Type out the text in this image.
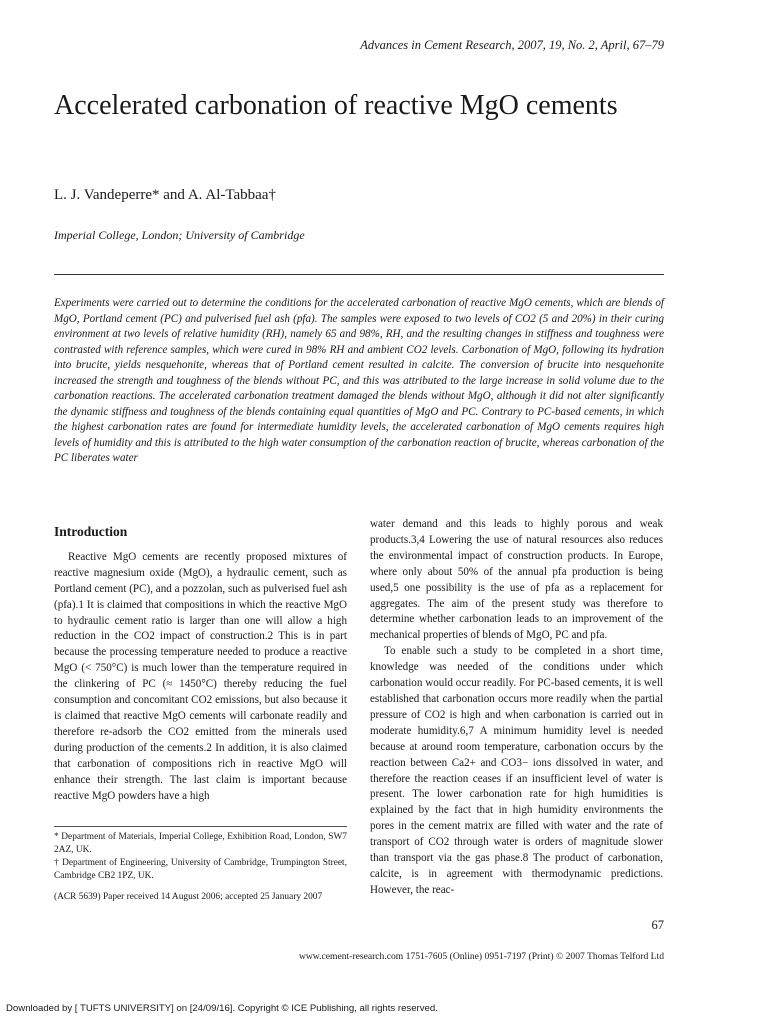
Advances in Cement Research, 2007, 19, No. 2, April, 67–79
Accelerated carbonation of reactive MgO cements
L. J. Vandeperre* and A. Al-Tabbaa†
Imperial College, London; University of Cambridge

Experiments were carried out to determine the conditions for the accelerated carbonation of reactive MgO cements, which are blends of MgO, Portland cement (PC) and pulverised fuel ash (pfa). The samples were exposed to two levels of CO2 (5 and 20%) in their curing environment at two levels of relative humidity (RH), namely 65 and 98%, RH, and the resulting changes in stiffness and toughness were contrasted with reference samples, which were cured in 98% RH and ambient CO2 levels. Carbonation of MgO, following its hydration into brucite, yields nesquehonite, whereas that of Portland cement resulted in calcite. The conversion of brucite into nesquehonite increased the strength and toughness of the blends without PC, and this was attributed to the large increase in solid volume due to the carbonation reactions. The accelerated carbonation treatment damaged the blends without MgO, although it did not alter significantly the dynamic stiffness and toughness of the blends containing equal quantities of MgO and PC. Contrary to PC-based cements, in which the highest carbonation rates are found for intermediate humidity levels, the accelerated carbonation of MgO cements requires high levels of humidity and this is attributed to the high water consumption of the carbonation reaction of brucite, whereas carbonation of the PC liberates water

Introduction

Reactive MgO cements are recently proposed mixtures of reactive magnesium oxide (MgO), a hydraulic cement, such as Portland cement (PC), and a pozzolan, such as pulverised fuel ash (pfa).1 It is claimed that compositions in which the reactive MgO to hydraulic cement ratio is larger than one will allow a high reduction in the CO2 impact of construction.2 This is in part because the processing temperature needed to produce a reactive MgO (< 750°C) is much lower than the temperature required in the clinkering of PC (≈ 1450°C) thereby reducing the fuel consumption and concomitant CO2 emissions, but also because it is claimed that reactive MgO cements will carbonate readily and therefore re-adsorb the CO2 emitted from the minerals used during production of the cements.2 In addition, it is also claimed that carbonation of compositions rich in reactive MgO will enhance their strength. The last claim is important because reactive MgO powders have a high

water demand and this leads to highly porous and weak products.3,4 Lowering the use of natural resources also reduces the environmental impact of construction products. In Europe, where only about 50% of the annual pfa production is being used,5 one possibility is the use of pfa as a replacement for aggregates. The aim of the present study was therefore to determine whether carbonation leads to an improvement of the mechanical properties of blends of MgO, PC and pfa.

To enable such a study to be completed in a short time, knowledge was needed of the conditions under which carbonation would occur readily. For PC-based cements, it is well established that carbonation occurs more readily when the partial pressure of CO2 is high and when carbonation is carried out in moderate humidity.6,7 A minimum humidity level is needed because at around room temperature, carbonation occurs by the reaction between Ca2+ and CO3− ions dissolved in water, and therefore the reaction ceases if an insufficient level of water is present. The lower carbonation rate for high humidities is explained by the fact that in high humidity environments the pores in the cement matrix are filled with water and the rate of transport of CO2 through water is orders of magnitude slower than transport via the gas phase.8 The product of carbonation, calcite, is in agreement with thermodynamic predictions. However, the reac-

* Department of Materials, Imperial College, Exhibition Road, London, SW7 2AZ, UK.

† Department of Engineering, University of Cambridge, Trumpington Street, Cambridge CB2 1PZ, UK.

(ACR 5639) Paper received 14 August 2006; accepted 25 January 2007

67
www.cement-research.com 1751-7605 (Online) 0951-7197 (Print) © 2007 Thomas Telford Ltd
Downloaded by [ TUFTS UNIVERSITY] on [24/09/16]. Copyright © ICE Publishing, all rights reserved.
